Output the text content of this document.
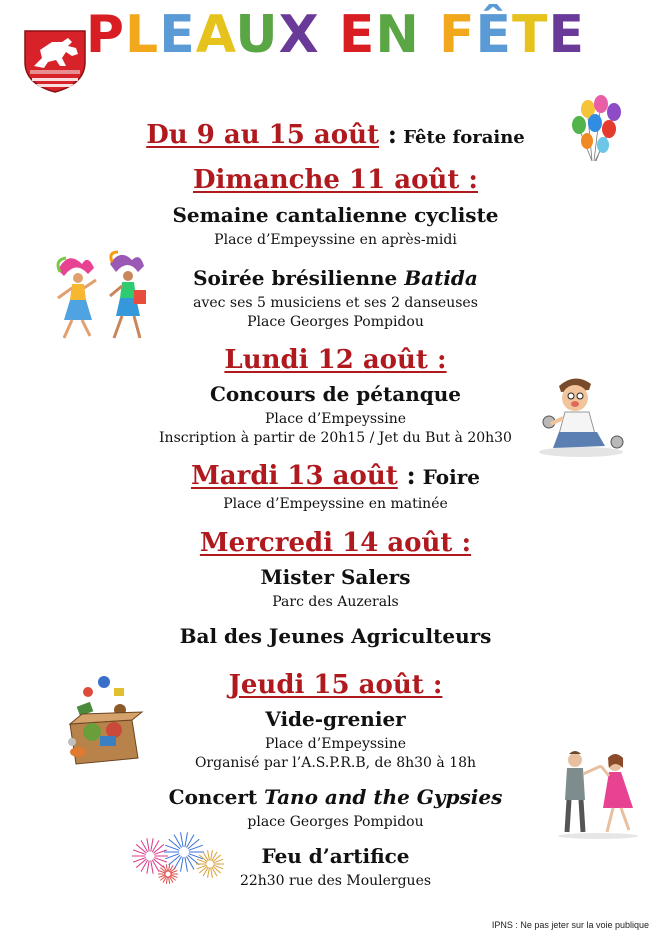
PLEAUX EN FÊTE
Du 9 au 15 août : Fête foraine
Dimanche 11 août :
Semaine cantalienne cycliste
Place d’Empeyssine en après-midi
Soirée brésilienne Batida
avec ses 5 musiciens et ses 2 danseuses
Place Georges Pompidou
Lundi 12 août :
Concours de pétanque
Place d’Empeyssine
Inscription à partir de 20h15 / Jet du But à 20h30
Mardi 13 août : Foire
Place d’Empeyssine en matinée
Mercredi 14 août :
Mister Salers
Parc des Auzerals
Bal des Jeunes Agriculteurs
Jeudi 15 août :
Vide-grenier
Place d’Empeyssine
Organisé par l’A.S.P.R.B, de 8h30 à 18h
Concert Tano and the Gypsies
place Georges Pompidou
Feu d’artifice
22h30 rue des Moulergues
IPNS : Ne pas jeter sur la voie publique
